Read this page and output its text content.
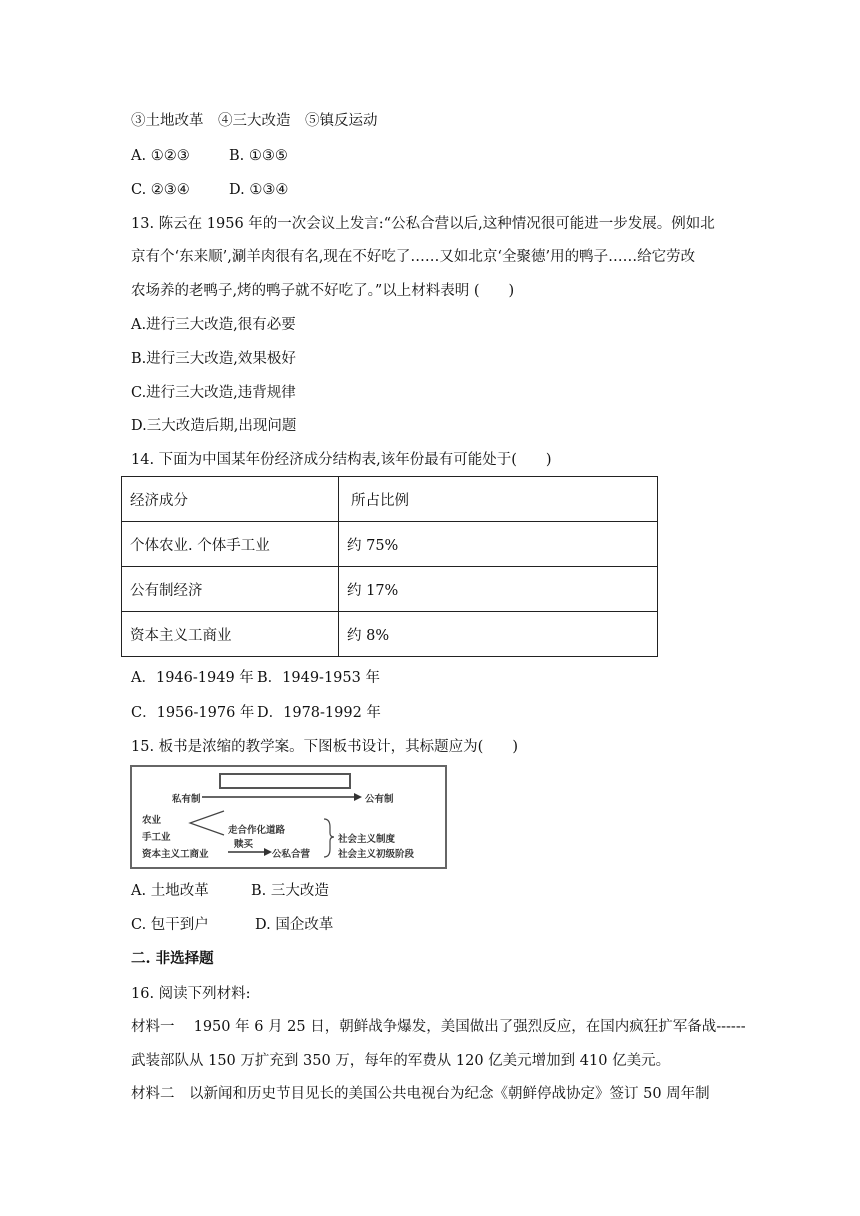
③土地改革　④三大改造　⑤镇反运动
A. ①②③	B. ①③⑤
C. ②③④	D. ①③④
13. 陈云在 1956 年的一次会议上发言:“公私合营以后,这种情况很可能进一步发展。例如北
京有个‘东来顺’,涮羊肉很有名,现在不好吃了……又如北京‘全聚德’用的鸭子……给它劳改
农场养的老鸭子,烤的鸭子就不好吃了。”以上材料表明 (　　)
A.进行三大改造,很有必要
B.进行三大改造,效果极好
C.进行三大改造,违背规律
D.三大改造后期,出现问题
14. 下面为中国某年份经济成分结构表,该年份最有可能处于(　　)
经济成分	所占比例
个体农业. 个体手工业	约 75%
公有制经济	约 17%
资本主义工商业	约 8%
A．1946-1949 年 B．1949-1953 年
C．1956-1976 年 D．1978-1992 年
15. 板书是浓缩的教学案。下图板书设计，其标题应为(　　)
私有制	公有制
农业
手工业
资本主义工商业
走合作化道路
赎买
公私合营
社会主义制度
社会主义初级阶段
A. 土地改革	B. 三大改造
C. 包干到户	D. 国企改革
二. 非选择题
16. 阅读下列材料:
材料一　 1950 年 6 月 25 日，朝鲜战争爆发，美国做出了强烈反应，在国内疯狂扩军备战------
武装部队从 150 万扩充到 350 万，每年的军费从 120 亿美元增加到 410 亿美元。
材料二　以新闻和历史节目见长的美国公共电视台为纪念《朝鲜停战协定》签订 50 周年制
